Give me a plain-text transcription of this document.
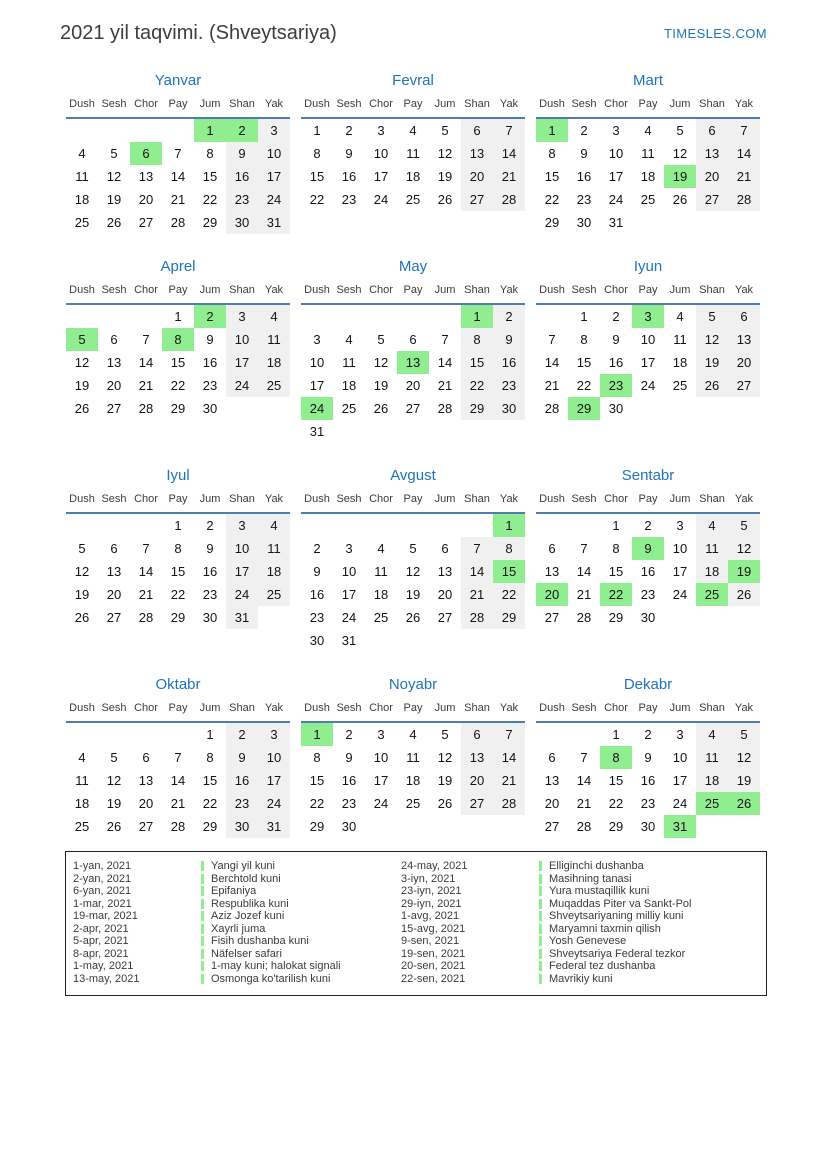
2021 yil taqvimi. (Shveytsariya)	TIMESLES.COM
Yanvar
Dush	Sesh	Chor	Pay	Jum	Shan	Yak
				1	2	3
4	5	6	7	8	9	10
11	12	13	14	15	16	17
18	19	20	21	22	23	24
25	26	27	28	29	30	31
Fevral
Dush	Sesh	Chor	Pay	Jum	Shan	Yak
1	2	3	4	5	6	7
8	9	10	11	12	13	14
15	16	17	18	19	20	21
22	23	24	25	26	27	28
Mart
Dush	Sesh	Chor	Pay	Jum	Shan	Yak
1	2	3	4	5	6	7
8	9	10	11	12	13	14
15	16	17	18	19	20	21
22	23	24	25	26	27	28
29	30	31				
Aprel
Dush	Sesh	Chor	Pay	Jum	Shan	Yak
			1	2	3	4
5	6	7	8	9	10	11
12	13	14	15	16	17	18
19	20	21	22	23	24	25
26	27	28	29	30		
May
Dush	Sesh	Chor	Pay	Jum	Shan	Yak
					1	2
3	4	5	6	7	8	9
10	11	12	13	14	15	16
17	18	19	20	21	22	23
24	25	26	27	28	29	30
31						
Iyun
Dush	Sesh	Chor	Pay	Jum	Shan	Yak
	1	2	3	4	5	6
7	8	9	10	11	12	13
14	15	16	17	18	19	20
21	22	23	24	25	26	27
28	29	30				
Iyul
Dush	Sesh	Chor	Pay	Jum	Shan	Yak
			1	2	3	4
5	6	7	8	9	10	11
12	13	14	15	16	17	18
19	20	21	22	23	24	25
26	27	28	29	30	31	
Avgust
Dush	Sesh	Chor	Pay	Jum	Shan	Yak
						1
2	3	4	5	6	7	8
9	10	11	12	13	14	15
16	17	18	19	20	21	22
23	24	25	26	27	28	29
30	31					
Sentabr
Dush	Sesh	Chor	Pay	Jum	Shan	Yak
		1	2	3	4	5
6	7	8	9	10	11	12
13	14	15	16	17	18	19
20	21	22	23	24	25	26
27	28	29	30			
Oktabr
Dush	Sesh	Chor	Pay	Jum	Shan	Yak
				1	2	3
4	5	6	7	8	9	10
11	12	13	14	15	16	17
18	19	20	21	22	23	24
25	26	27	28	29	30	31
Noyabr
Dush	Sesh	Chor	Pay	Jum	Shan	Yak
1	2	3	4	5	6	7
8	9	10	11	12	13	14
15	16	17	18	19	20	21
22	23	24	25	26	27	28
29	30					
Dekabr
Dush	Sesh	Chor	Pay	Jum	Shan	Yak
		1	2	3	4	5
6	7	8	9	10	11	12
13	14	15	16	17	18	19
20	21	22	23	24	25	26
27	28	29	30	31		
1-yan, 2021	Yangi yil kuni
2-yan, 2021	Berchtold kuni
6-yan, 2021	Epifaniya
1-mar, 2021	Respublika kuni
19-mar, 2021	Aziz Jozef kuni
2-apr, 2021	Xayrli juma
5-apr, 2021	Fisih dushanba kuni
8-apr, 2021	Näfelser safari
1-may, 2021	1-may kuni; halokat signali
13-may, 2021	Osmonga ko'tarilish kuni
24-may, 2021	Elliginchi dushanba
3-iyn, 2021	Masihning tanasi
23-iyn, 2021	Yura mustaqillik kuni
29-iyn, 2021	Muqaddas Piter va Sankt-Pol
1-avg, 2021	Shveytsariyaning milliy kuni
15-avg, 2021	Maryamni taxmin qilish
9-sen, 2021	Yosh Genevese
19-sen, 2021	Shveytsariya Federal tezkor
20-sen, 2021	Federal tez dushanba
22-sen, 2021	Mavrikiy kuni
